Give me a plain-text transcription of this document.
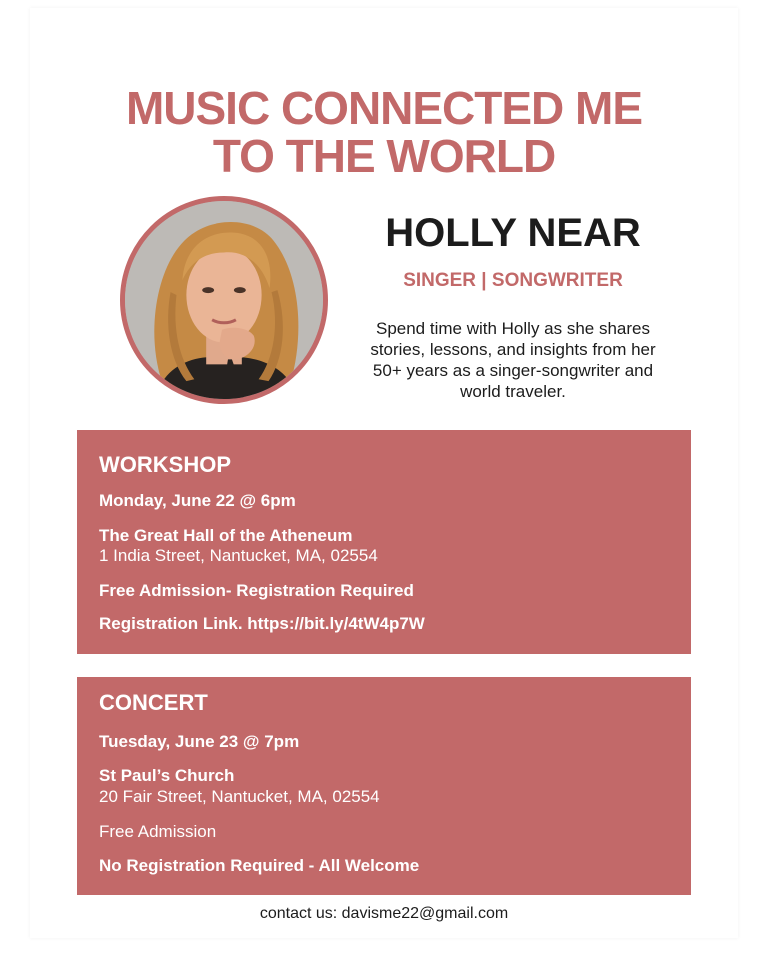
MUSIC CONNECTED ME
TO THE WORLD
HOLLY NEAR
SINGER | SONGWRITER
Spend time with Holly as she shares
stories, lessons, and insights from her
50+ years as a singer-songwriter and
world traveler.
WORKSHOP
Monday, June 22 @ 6pm
The Great Hall of the Atheneum
1 India Street, Nantucket, MA, 02554
Free Admission- Registration Required
Registration Link. https://bit.ly/4tW4p7W
CONCERT
Tuesday, June 23 @ 7pm
St Paul’s Church
20 Fair Street, Nantucket, MA, 02554
Free Admission
No Registration Required - All Welcome
contact us: davisme22@gmail.com
